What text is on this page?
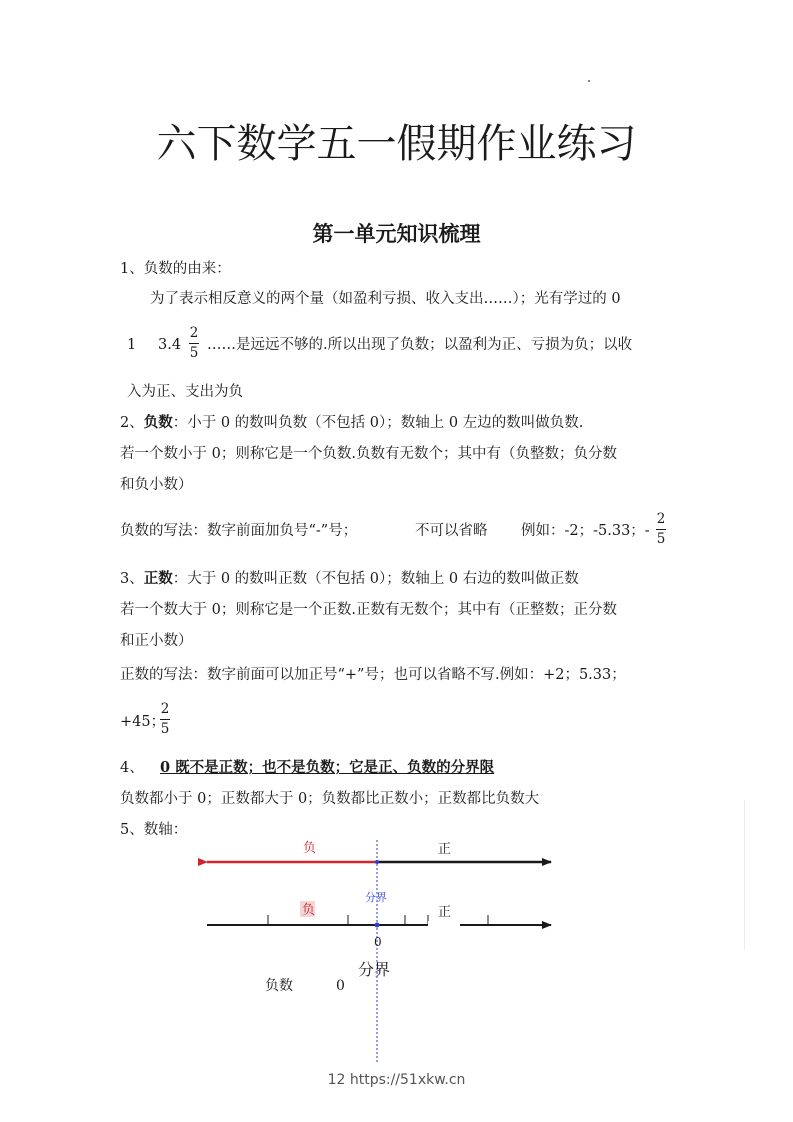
六下数学五一假期作业练习
第一单元知识梳理
1、负数的由来：
为了表示相反意义的两个量（如盈利亏损、收入支出……）；光有学过的 0
1 3.4
2
5 ……是远远不够的.所以出现了负数；以盈利为正、亏损为负；以收
入为正、支出为负
2、负数：小于 0 的数叫负数（不包括 0）；数轴上 0 左边的数叫做负数.
若一个数小于 0；则称它是一个负数.负数有无数个；其中有（负整数；负分数
和负小数）
负数的写法：数字前面加负号“-”号；	不可以省略 例如：-2；-5.33；-
2
5
3、正数：大于 0 的数叫正数（不包括 0）；数轴上 0 右边的数叫做正数
若一个数大于 0；则称它是一个正数.正数有无数个；其中有（正整数；正分数
和正小数）
正数的写法：数字前面可以加正号“+”号；也可以省略不写.例如：+2；5.33；
+45；
2
5
4、 0 既不是正数；也不是负数；它是正、负数的分界限
负数都小于 0；正数都大于 0；负数都比正数小；正数都比负数大
5、数轴：
负	正
负	正
分界
0
负数	0
分界
12 https://51xkw.cn
